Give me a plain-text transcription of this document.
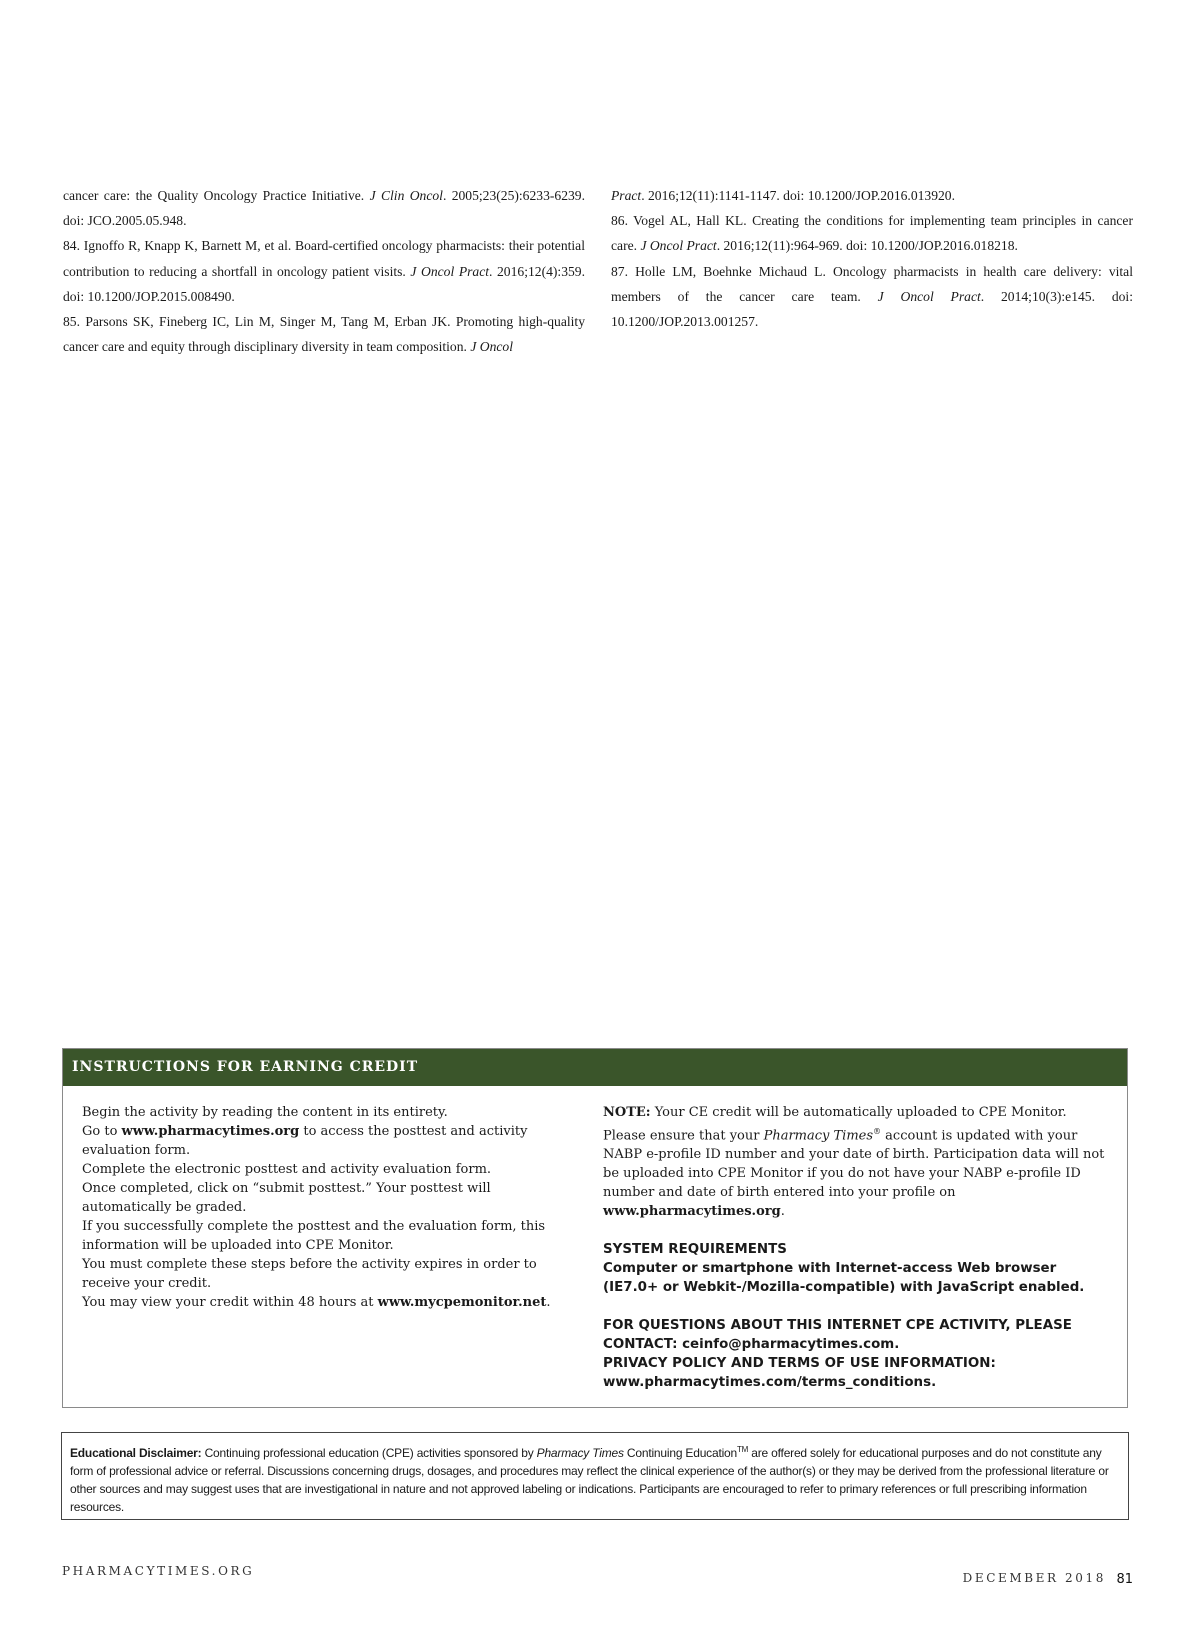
cancer care: the Quality Oncology Practice Initiative. J Clin Oncol. 2005;23(25):6233-6239. doi: JCO.2005.05.948.

84. Ignoffo R, Knapp K, Barnett M, et al. Board-certified oncology pharmacists: their potential contribution to reducing a shortfall in oncology patient visits. J Oncol Pract. 2016;12(4):359. doi: 10.1200/JOP.2015.008490.

85. Parsons SK, Fineberg IC, Lin M, Singer M, Tang M, Erban JK. Promoting high-quality cancer care and equity through disciplinary diversity in team composition. J Oncol

Pract. 2016;12(11):1141-1147. doi: 10.1200/JOP.2016.013920.

86. Vogel AL, Hall KL. Creating the conditions for implementing team principles in cancer care. J Oncol Pract. 2016;12(11):964-969. doi: 10.1200/JOP.2016.018218.

87. Holle LM, Boehnke Michaud L. Oncology pharmacists in health care delivery: vital members of the cancer care team. J Oncol Pract. 2014;10(3):e145. doi: 10.1200/JOP.2013.001257.

INSTRUCTIONS FOR EARNING CREDIT

Begin the activity by reading the content in its entirety.

Go to www.pharmacytimes.org to access the posttest and activity evaluation form.

Complete the electronic posttest and activity evaluation form.

Once completed, click on “submit posttest.” Your posttest will automatically be graded.

If you successfully complete the posttest and the evaluation form, this information will be uploaded into CPE Monitor.

You must complete these steps before the activity expires in order to receive your credit.

You may view your credit within 48 hours at www.mycpemonitor.net.

NOTE: Your CE credit will be automatically uploaded to CPE Monitor. Please ensure that your Pharmacy Times® account is updated with your NABP e-profile ID number and your date of birth. Participation data will not be uploaded into CPE Monitor if you do not have your NABP e-profile ID number and date of birth entered into your profile on www.pharmacytimes.org.

SYSTEM REQUIREMENTS

Computer or smartphone with Internet-access Web browser (IE7.0+ or Webkit-/Mozilla-compatible) with JavaScript enabled.

FOR QUESTIONS ABOUT THIS INTERNET CPE ACTIVITY, PLEASE CONTACT: ceinfo@pharmacytimes.com.

PRIVACY POLICY AND TERMS OF USE INFORMATION: www.pharmacytimes.com/terms_conditions.

Educational Disclaimer: Continuing professional education (CPE) activities sponsored by Pharmacy Times Continuing Education™ are offered solely for educational purposes and do not constitute any form of professional advice or referral. Discussions concerning drugs, dosages, and procedures may reflect the clinical experience of the author(s) or they may be derived from the professional literature or other sources and may suggest uses that are investigational in nature and not approved labeling or indications. Participants are encouraged to refer to primary references or full prescribing information resources.

PHARMACYTIMES.ORG	DECEMBER 2018 81
